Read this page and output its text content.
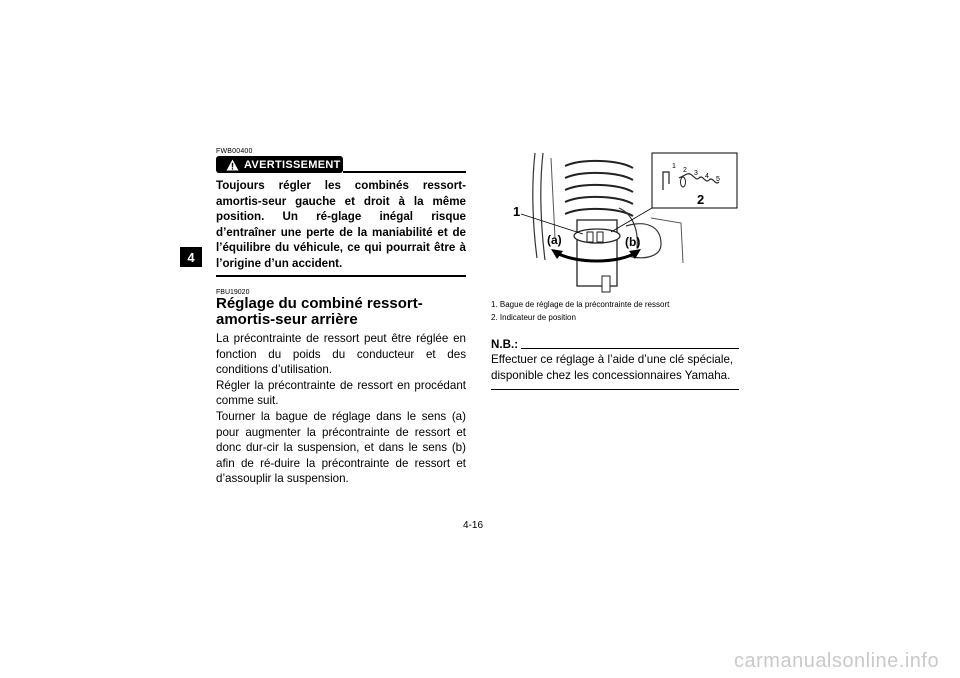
4
FWB00400
AVERTISSEMENT
Toujours régler les combinés ressort-amortis-seur gauche et droit à la même position. Un ré-glage inégal risque d’entraîner une perte de la maniabilité et de l’équilibre du véhicule, ce qui pourrait être à l’origine d’un accident.
FBU19020
Réglage du combiné ressort-amortis-seur arrière

La précontrainte de ressort peut être réglée en fonction du poids du conducteur et des conditions d’utilisation.

Régler la précontrainte de ressort en procédant comme suit.

Tourner la bague de réglage dans le sens (a) pour augmenter la précontrainte de ressort et donc dur-cir la suspension, et dans le sens (b) afin de ré-duire la précontrainte de ressort et d’assouplir la suspension.

1
(a)	(b)
1
2 3 4 5
2
1. Bague de réglage de la précontrainte de ressort
2. Indicateur de position
N.B.:
Effectuer ce réglage à l’aide d’une clé spéciale, disponible chez les concessionnaires Yamaha.
4-16
carmanualsonline.info
